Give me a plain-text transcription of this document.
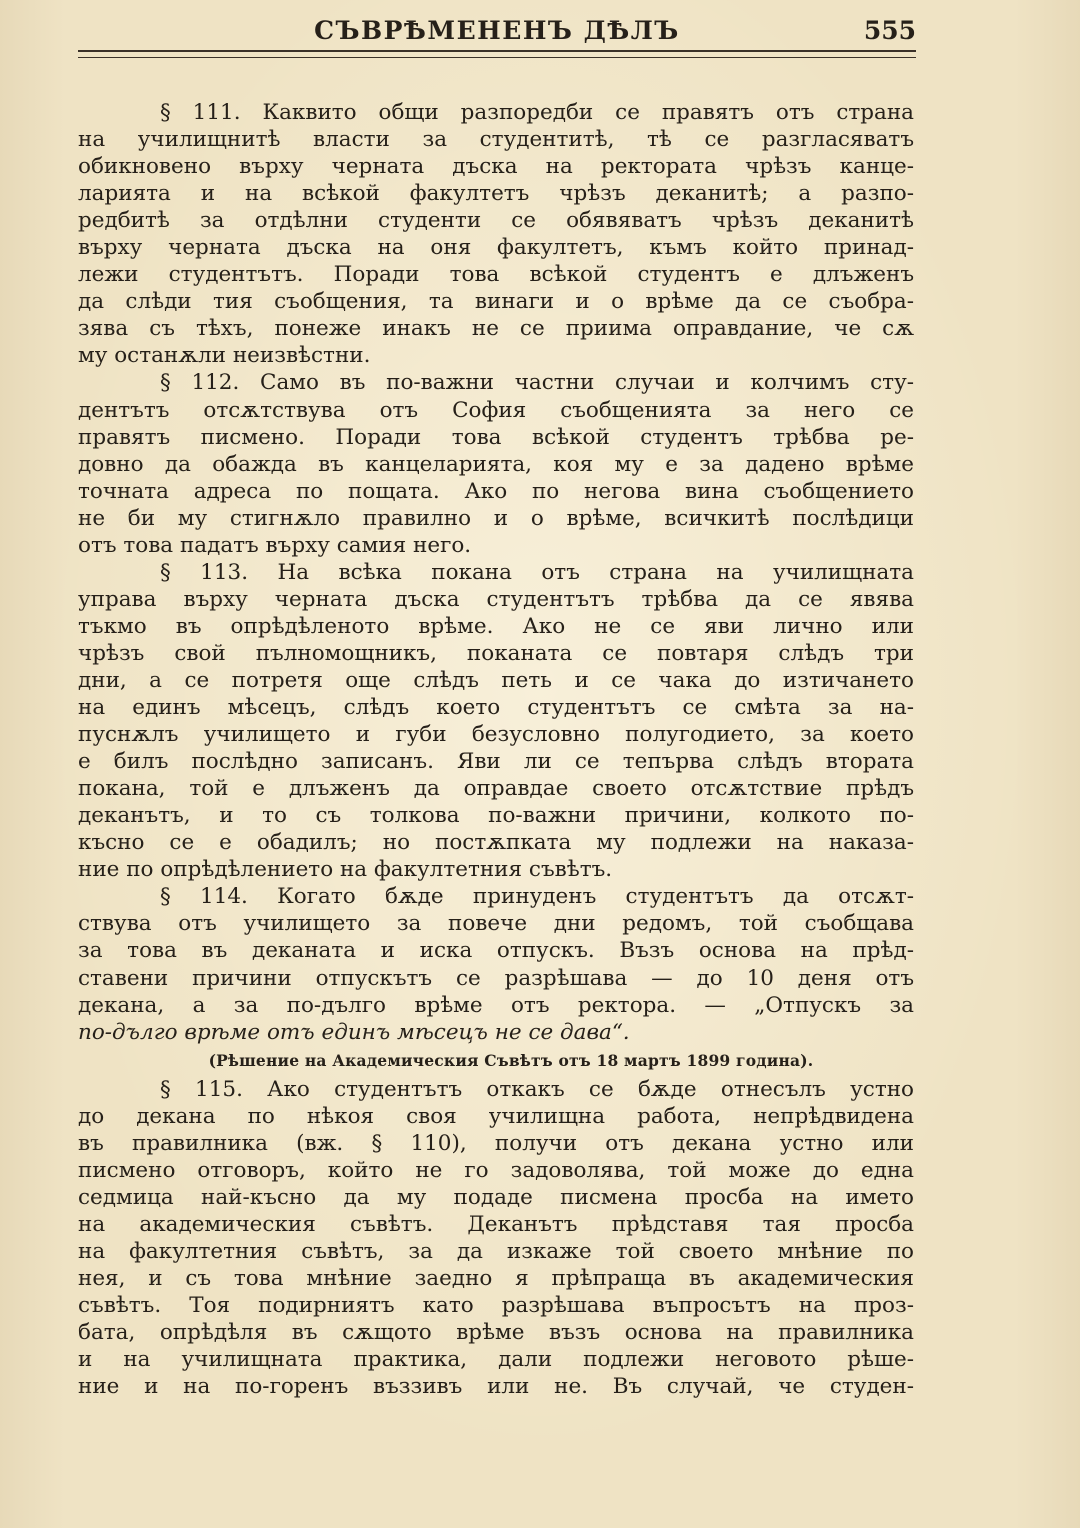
СЪВРѢМЕНЕНЪ ДѢЛЪ	555
§ 111. Каквито общи разпоредби се правятъ отъ страна
на училищнитѣ власти за студентитѣ, тѣ се разгласяватъ
обикновено върху черната дъска на ректората чрѣзъ канце-
ларията и на всѣкой факултетъ чрѣзъ деканитѣ; а разпо-
редбитѣ за отдѣлни студенти се обявяватъ чрѣзъ деканитѣ
върху черната дъска на оня факултетъ, къмъ който принад-
лежи студентътъ. Поради това всѣкой студентъ е длъженъ
да слѣди тия съобщения, та винаги и о врѣме да се съобра-
зява съ тѣхъ, понеже инакъ не се приима оправдание, че сѫ
му останѫли неизвѣстни.
§ 112. Само въ по-важни частни случаи и колчимъ сту-
дентътъ отсѫтствува отъ София съобщенията за него се
правятъ писмено. Поради това всѣкой студентъ трѣбва ре-
довно да обажда въ канцеларията, коя му е за дадено врѣме
точната адреса по пощата. Ако по негова вина съобщението
не би му стигнѫло правилно и о врѣме, всичкитѣ послѣдици
отъ това падатъ върху самия него.
§ 113. На всѣка покана отъ страна на училищната
управа върху черната дъска студентътъ трѣбва да се явява
тъкмо въ опрѣдѣленото врѣме. Ако не се яви лично или
чрѣзъ свой пълномощникъ, поканата се повтаря слѣдъ три
дни, а се потретя още слѣдъ петь и се чака до изтичането
на единъ мѣсецъ, слѣдъ което студентътъ се смѣта за на-
пуснѫлъ училището и губи безусловно полугодието, за което
е билъ послѣдно записанъ. Яви ли се тепърва слѣдъ втората
покана, той е длъженъ да оправдае своето отсѫтствие прѣдъ
деканътъ, и то съ толкова по-важни причини, колкото по-
късно се е обадилъ; но постѫпката му подлежи на наказа-
ние по опрѣдѣлението на факултетния съвѣтъ.
§ 114. Когато бѫде принуденъ студентътъ да отсѫт-
ствува отъ училището за повече дни редомъ, той съобщава
за това въ деканата и иска отпускъ. Възъ основа на прѣд-
ставени причини отпускътъ се разрѣшава — до 10 деня отъ
декана, а за по-дълго врѣме отъ ректора. — „Отпускъ за
по-дълго врѣме отъ единъ мѣсецъ не се дава“.
(Рѣшение на Академическия Съвѣтъ отъ 18 мартъ 1899 година).
§ 115. Ако студентътъ откакъ се бѫде отнесълъ устно
до декана по нѣкоя своя училищна работа, непрѣдвидена
въ правилника (вж. § 110), получи отъ декана устно или
писмено отговоръ, който не го задоволява, той може до една
седмица най-късно да му подаде писмена просба на името
на академическия съвѣтъ. Деканътъ прѣдставя тая просба
на факултетния съвѣтъ, за да изкаже той своето мнѣние по
нея, и съ това мнѣние заедно я прѣпраща въ академическия
съвѣтъ. Тоя подирниятъ като разрѣшава въпросътъ на проз-
бата, опрѣдѣля въ сѫщото врѣме възъ основа на правилника
и на училищната практика, дали подлежи неговото рѣше-
ние и на по-горенъ въззивъ или не. Въ случай, че студен-
